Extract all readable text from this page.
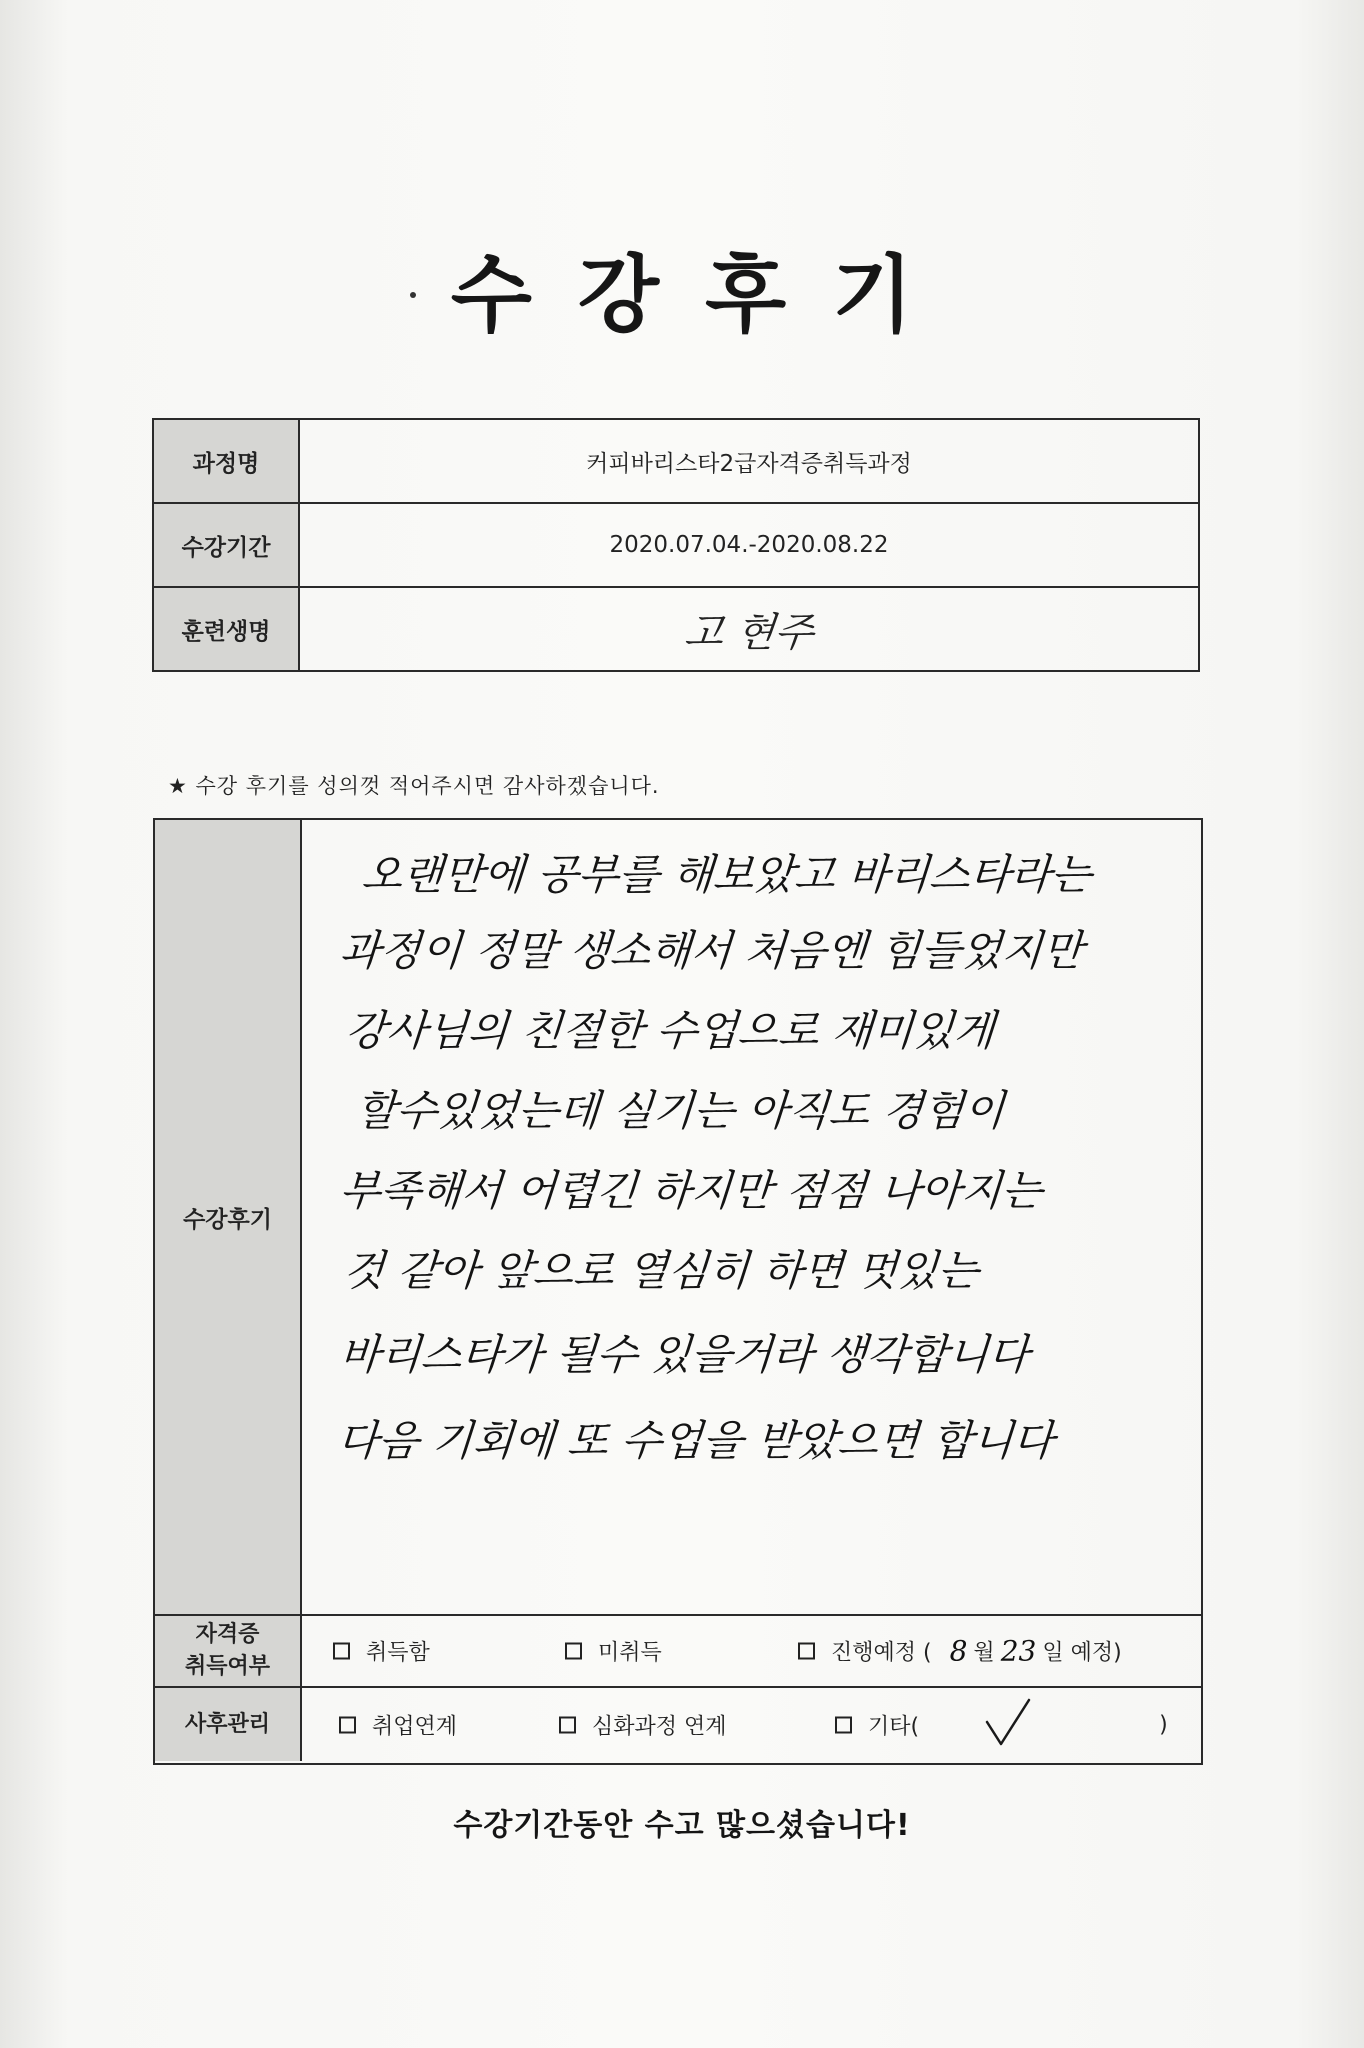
수강후기
과정명	커피바리스타2급자격증취득과정
수강기간	2020.07.04.-2020.08.22
훈련생명	고 현주
★ 수강 후기를 성의껏 적어주시면 감사하겠습니다.
수강후기
오랜만에 공부를 해보았고 바리스타라는
과정이 정말 생소해서 처음엔 힘들었지만
강사님의 친절한 수업으로 재미있게
할수있었는데 실기는 아직도 경험이
부족해서 어렵긴 하지만 점점 나아지는
것 같아 앞으로 열심히 하면 멋있는
바리스타가 될수 있을거라 생각합니다
다음 기회에 또 수업을 받았으면 합니다
자격증
취득여부
취득함	미취득	진행예정 ( 8 월 23 일 예정)
사후관리	취업연계	심화과정 연계	기타(	)
수강기간동안 수고 많으셨습니다!
